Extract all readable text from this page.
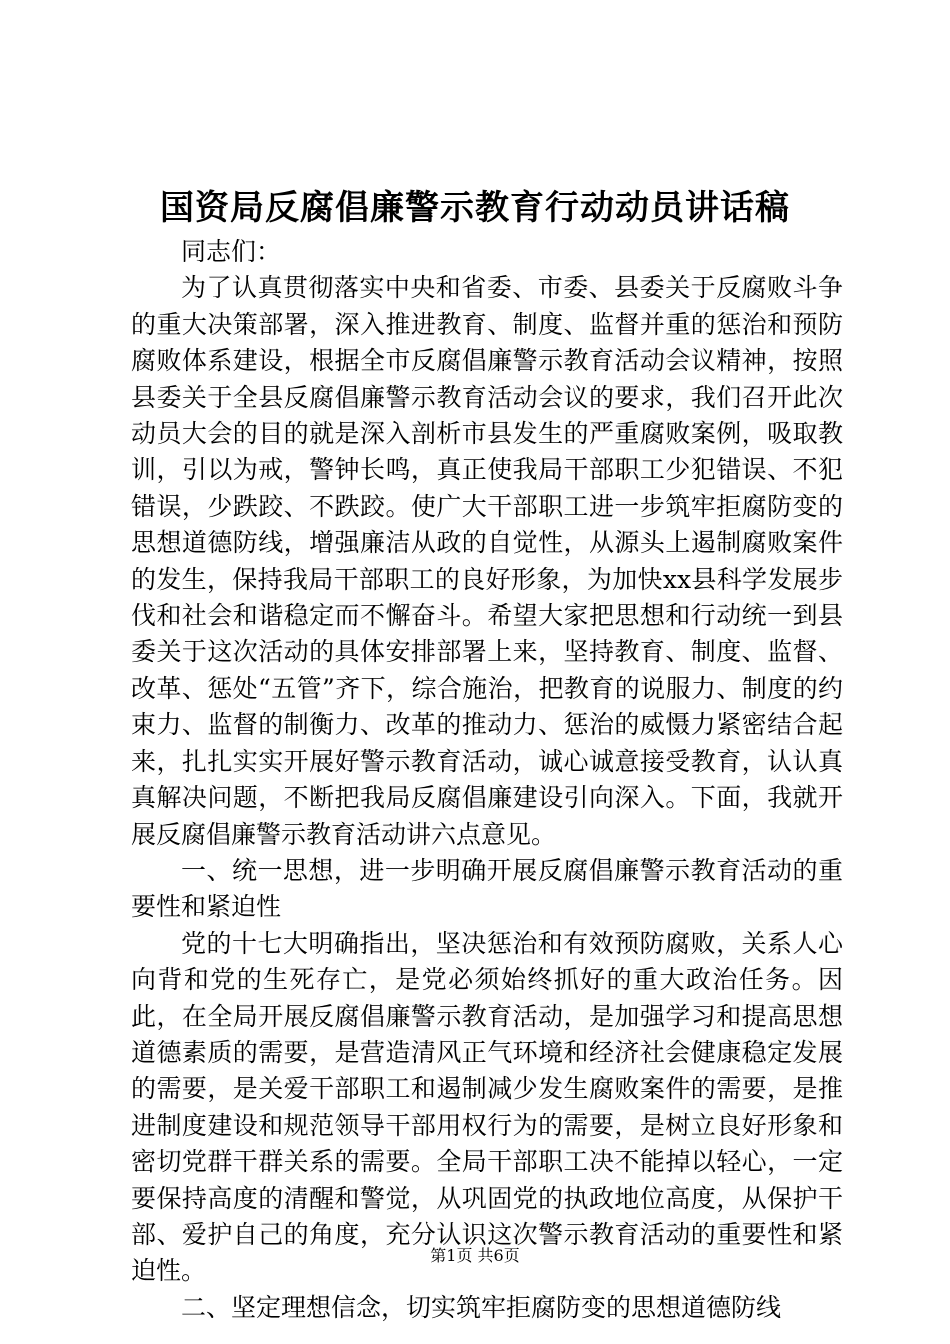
国资局反腐倡廉警示教育行动动员讲话稿

同志们：

为了认真贯彻落实中央和省委、市委、县委关于反腐败斗争的重大决策部署，深入推进教育、制度、监督并重的惩治和预防腐败体系建设，根据全市反腐倡廉警示教育活动会议精神，按照县委关于全县反腐倡廉警示教育活动会议的要求，我们召开此次动员大会的目的就是深入剖析市县发生的严重腐败案例，吸取教训，引以为戒，警钟长鸣，真正使我局干部职工少犯错误、不犯错误，少跌跤、不跌跤。使广大干部职工进一步筑牢拒腐防变的思想道德防线，增强廉洁从政的自觉性，从源头上遏制腐败案件的发生，保持我局干部职工的良好形象，为加快xx县科学发展步伐和社会和谐稳定而不懈奋斗。希望大家把思想和行动统一到县委关于这次活动的具体安排部署上来，坚持教育、制度、监督、改革、惩处“五管”齐下，综合施治，把教育的说服力、制度的约束力、监督的制衡力、改革的推动力、惩治的威慑力紧密结合起来，扎扎实实开展好警示教育活动，诚心诚意接受教育，认认真真解决问题，不断把我局反腐倡廉建设引向深入。下面，我就开展反腐倡廉警示教育活动讲六点意见。

一、统一思想，进一步明确开展反腐倡廉警示教育活动的重要性和紧迫性

党的十七大明确指出，坚决惩治和有效预防腐败，关系人心向背和党的生死存亡，是党必须始终抓好的重大政治任务。因此，在全局开展反腐倡廉警示教育活动，是加强学习和提高思想道德素质的需要，是营造清风正气环境和经济社会健康稳定发展的需要，是关爱干部职工和遏制减少发生腐败案件的需要，是推进制度建设和规范领导干部用权行为的需要，是树立良好形象和密切党群干群关系的需要。全局干部职工决不能掉以轻心，一定要保持高度的清醒和警觉，从巩固党的执政地位高度，从保护干部、爱护自己的角度，充分认识这次警示教育活动的重要性和紧迫性。

二、坚定理想信念，切实筑牢拒腐防变的思想道德防线

第1页 共6页
